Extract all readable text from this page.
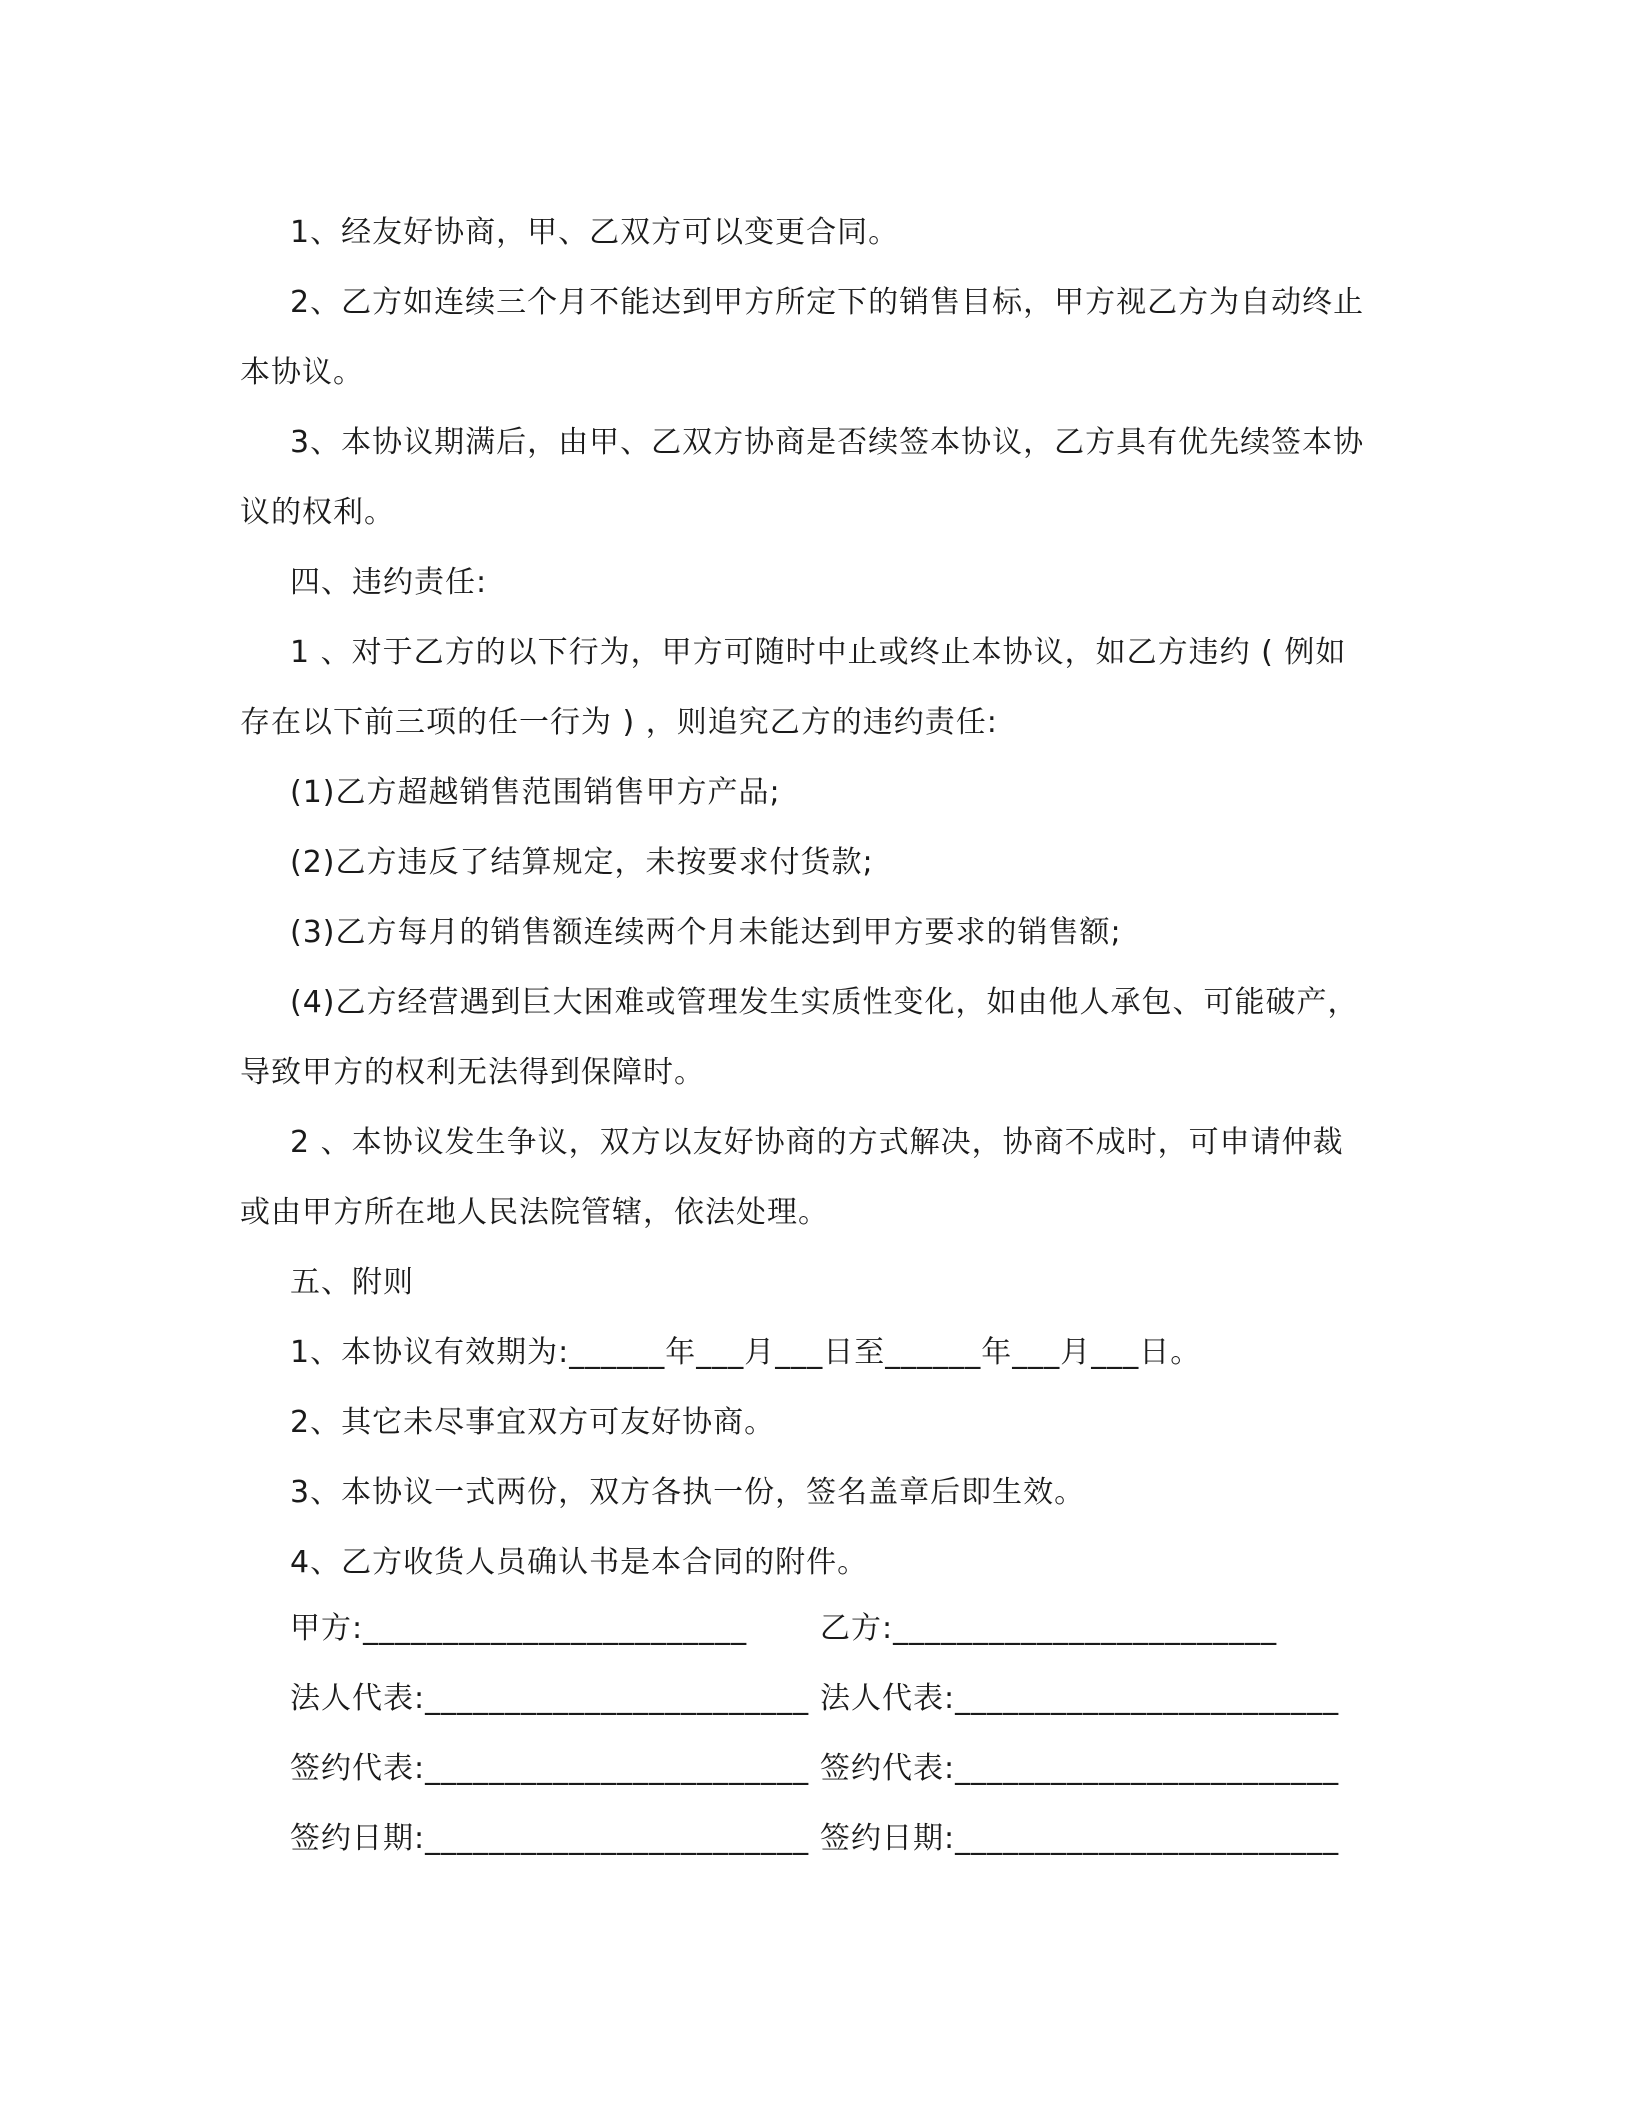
1、经友好协商，甲、乙双方可以变更合同。

2、乙方如连续三个月不能达到甲方所定下的销售目标，甲方视乙方为自动终止本协议。

3、本协议期满后，由甲、乙双方协商是否续签本协议，乙方具有优先续签本协议的权利。

四、违约责任:

1 、对于乙方的以下行为，甲方可随时中止或终止本协议，如乙方违约 ( 例如存在以下前三项的任一行为 ) ，则追究乙方的违约责任:

(1)乙方超越销售范围销售甲方产品;

(2)乙方违反了结算规定，未按要求付货款;

(3)乙方每月的销售额连续两个月未能达到甲方要求的销售额;

(4)乙方经营遇到巨大困难或管理发生实质性变化，如由他人承包、可能破产，导致甲方的权利无法得到保障时。

2 、本协议发生争议，双方以友好协商的方式解决，协商不成时，可申请仲裁或由甲方所在地人民法院管辖，依法处理。

五、附则

1、本协议有效期为:______年___月___日至______年___月___日。

2、其它未尽事宜双方可友好协商。

3、本协议一式两份，双方各执一份，签名盖章后即生效。

4、乙方收货人员确认书是本合同的附件。

甲方:________________________	乙方:________________________
法人代表:________________________ 法人代表:________________________
签约代表:________________________ 签约代表:________________________
签约日期:________________________ 签约日期:________________________
